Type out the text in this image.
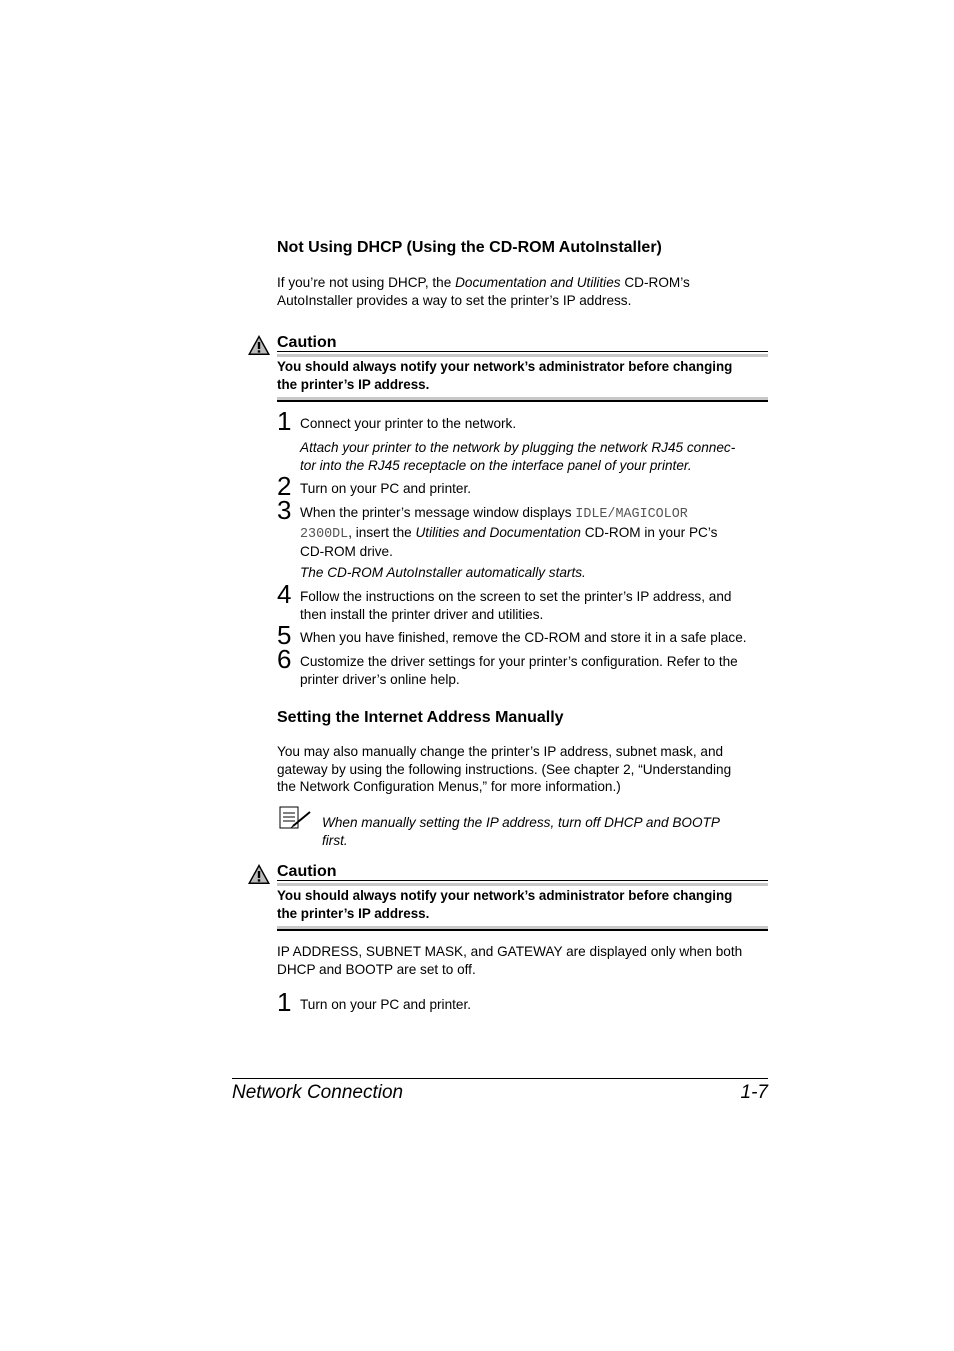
Not Using DHCP (Using the CD-ROM AutoInstaller)
If you’re not using DHCP, the Documentation and Utilities CD-ROM’s
AutoInstaller provides a way to set the printer’s IP address.
Caution
You should always notify your network’s administrator before changing
the printer’s IP address.
1 Connect your printer to the network.
Attach your printer to the network by plugging the network RJ45 connec-
tor into the RJ45 receptacle on the interface panel of your printer.
2 Turn on your PC and printer.
3 When the printer’s message window displays IDLE/MAGICOLOR
2300DL, insert the Utilities and Documentation CD-ROM in your PC’s
CD-ROM drive.
The CD-ROM AutoInstaller automatically starts.
4 Follow the instructions on the screen to set the printer’s IP address, and
then install the printer driver and utilities.
5 When you have finished, remove the CD-ROM and store it in a safe place.
6 Customize the driver settings for your printer’s configuration. Refer to the
printer driver’s online help.
Setting the Internet Address Manually
You may also manually change the printer’s IP address, subnet mask, and
gateway by using the following instructions. (See chapter 2, “Understanding
the Network Configuration Menus,” for more information.)
When manually setting the IP address, turn off DHCP and BOOTP
first.
Caution
You should always notify your network’s administrator before changing
the printer’s IP address.
IP ADDRESS, SUBNET MASK, and GATEWAY are displayed only when both
DHCP and BOOTP are set to off.
1 Turn on your PC and printer.
Network Connection	1-7
